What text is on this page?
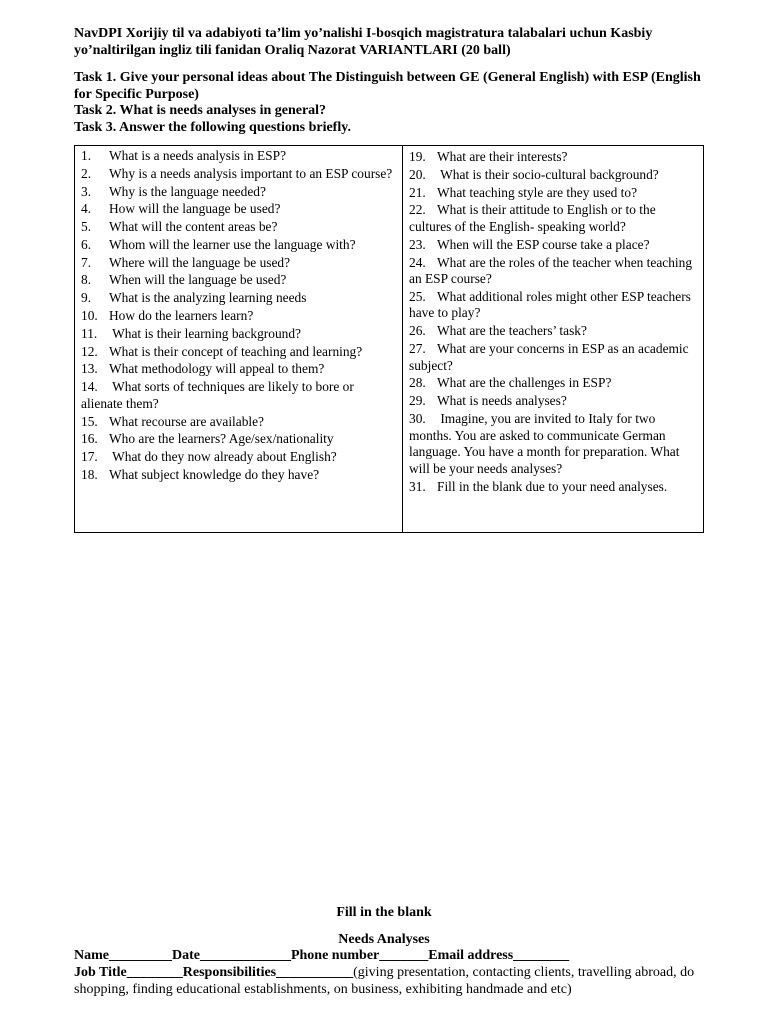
NavDPI Xorijiy til va adabiyoti ta’lim yo’nalishi I-bosqich magistratura talabalari uchun Kasbiy
yo’naltirilgan ingliz tili fanidan Oraliq Nazorat VARIANTLARI (20 ball)
Task 1. Give your personal ideas about The Distinguish between GE (General English) with ESP (English for Specific Purpose)
Task 2. What is needs analyses in general?
Task 3. Answer the following questions briefly.
1. What is a needs analysis in ESP?
2. Why is a needs analysis important to an ESP course?
3. Why is the language needed?
4. How will the language be used?
5. What will the content areas be?
6. Whom will the learner use the language with?
7. Where will the language be used?
8. When will the language be used?
9. What is the analyzing learning needs
10. How do the learners learn?
11. What is their learning background?
12. What is their concept of teaching and learning?
13. What methodology will appeal to them?
14. What sorts of techniques are likely to bore or alienate them?
15. What recourse are available?
16. Who are the learners? Age/sex/nationality
17. What do they now already about English?
18. What subject knowledge do they have?
19. What are their interests?
20. What is their socio-cultural background?
21. What teaching style are they used to?
22. What is their attitude to English or to the cultures of the English- speaking world?
23. When will the ESP course take a place?
24. What are the roles of the teacher when teaching an ESP course?
25. What additional roles might other ESP teachers have to play?
26. What are the teachers’ task?
27. What are your concerns in ESP as an academic subject?
28. What are the challenges in ESP?
29. What is needs analyses?
30. Imagine, you are invited to Italy for two months. You are asked to communicate German language. You have a month for preparation. What will be your needs analyses?
31. Fill in the blank due to your need analyses.
Fill in the blank
Needs Analyses
Name_________Date_____________Phone number_______Email address________
Job Title________Responsibilities___________(giving presentation, contacting clients, travelling abroad, do shopping, finding educational establishments, on business, exhibiting handmade and etc)
